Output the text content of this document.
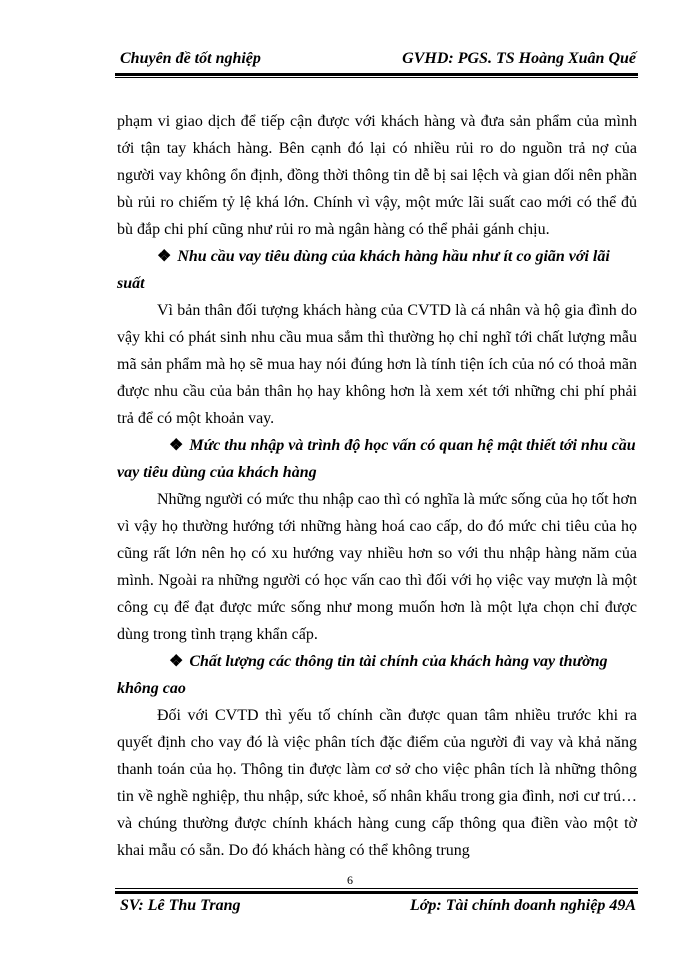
Chuyên đề tốt nghiệp	GVHD: PGS. TS Hoàng Xuân Quế

phạm vi giao dịch để tiếp cận được với khách hàng và đưa sản phẩm của mình tới tận tay khách hàng. Bên cạnh đó lại có nhiều rủi ro do nguồn trả nợ của người vay không ổn định, đồng thời thông tin dễ bị sai lệch và gian dối nên phần bù rủi ro chiếm tỷ lệ khá lớn. Chính vì vậy, một mức lãi suất cao mới có thể đủ bù đắp chi phí cũng như rủi ro mà ngân hàng có thể phải gánh chịu.

❖ Nhu cầu vay tiêu dùng của khách hàng hầu như ít co giãn với lãi suất

Vì bản thân đối tượng khách hàng của CVTD là cá nhân và hộ gia đình do vậy khi có phát sinh nhu cầu mua sắm thì thường họ chỉ nghĩ tới chất lượng mẫu mã sản phẩm mà họ sẽ mua hay nói đúng hơn là tính tiện ích của nó có thoả mãn được nhu cầu của bản thân họ hay không hơn là xem xét tới những chi phí phải trả để có một khoản vay.

❖ Mức thu nhập và trình độ học vấn có quan hệ mật thiết tới nhu cầu vay tiêu dùng của khách hàng

Những người có mức thu nhập cao thì có nghĩa là mức sống của họ tốt hơn vì vậy họ thường hướng tới những hàng hoá cao cấp, do đó mức chi tiêu của họ cũng rất lớn nên họ có xu hướng vay nhiều hơn so với thu nhập hàng năm của mình. Ngoài ra những người có học vấn cao thì đối với họ việc vay mượn là một công cụ để đạt được mức sống như mong muốn hơn là một lựa chọn chỉ được dùng trong tình trạng khẩn cấp.

❖ Chất lượng các thông tin tài chính của khách hàng vay thường không cao

Đối với CVTD thì yếu tố chính cần được quan tâm nhiều trước khi ra quyết định cho vay đó là việc phân tích đặc điểm của người đi vay và khả năng thanh toán của họ. Thông tin được làm cơ sở cho việc phân tích là những thông tin về nghề nghiệp, thu nhập, sức khoẻ, số nhân khẩu trong gia đình, nơi cư trú…và chúng thường được chính khách hàng cung cấp thông qua điền vào một tờ khai mẫu có sẵn. Do đó khách hàng có thể không trung

6
SV: Lê Thu Trang	Lớp: Tài chính doanh nghiệp 49A
